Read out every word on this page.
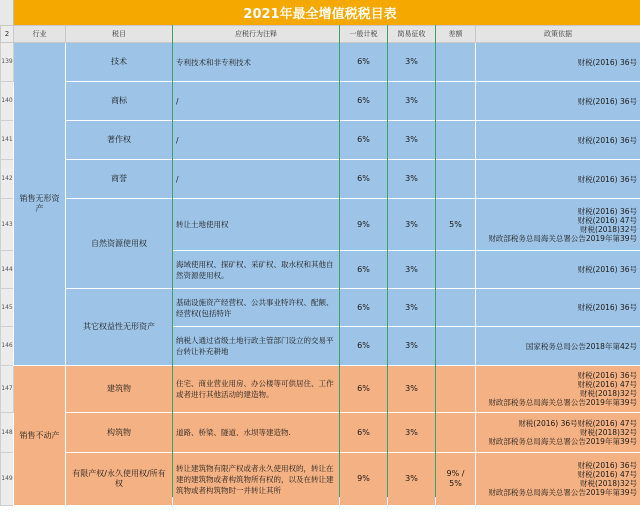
2021年最全增值税税目表
2	行业	税目	应税行为注释	一般计税	简易征收	差额	政策依据
139	销售无形资产	技术	专利技术和非专利技术	6%	3%		财税(2016) 36号

140		商标	/	6%	3%		财税(2016) 36号

141		著作权	/	6%	3%		财税(2016) 36号

142		商誉	/	6%	3%		财税(2016) 36号

143		自然资源使用权	转让土地使用权	9%	3%	5%	财税(2016) 36号
财税(2016) 47号
财税(2018)32号
财政部税务总局海关总署公告2019年第39号

144			海域使用权、探矿权、采矿权、取水权和其他自然资源使用权。	6%	3%		财税(2016) 36号

145		其它权益性无形资产	基础设施资产经营权、公共事业特许权、配额、经营权(包括特许	6%	3%		财税(2016) 36号

146			纳税人通过省级土地行政主管部门设立的交易平台转让补充耕地	6%	3%		国家税务总局公告2018年第42号

147	销售不动产	建筑物	住宅、商业营业用房、办公楼等可供居住、工作或者进行其他活动的建造物。	6%	3%		财税(2016) 36号
财税(2016) 47号
财税(2018)32号
财政部税务总局海关总署公告2019年第39号

148		构筑物	道路、桥梁、隧道、水坝等建造物.	6%	3%		财税(2016) 36号财税(2016) 47号
财税(2018)32号
财政部税务总局海关总署公告2019年第39号

149		有限产权/永久使用权/所有权	转让建筑物有限产权或者永久使用权的，转让在建的建筑物或者构筑物所有权的，以及在转让建筑物或者构筑物时一并转让其所	9%	3%	9% / 5%	财税(2016) 36号
财税(2016) 47号
财税(2018)32号
财政部税务总局海关总署公告2019年第39号
